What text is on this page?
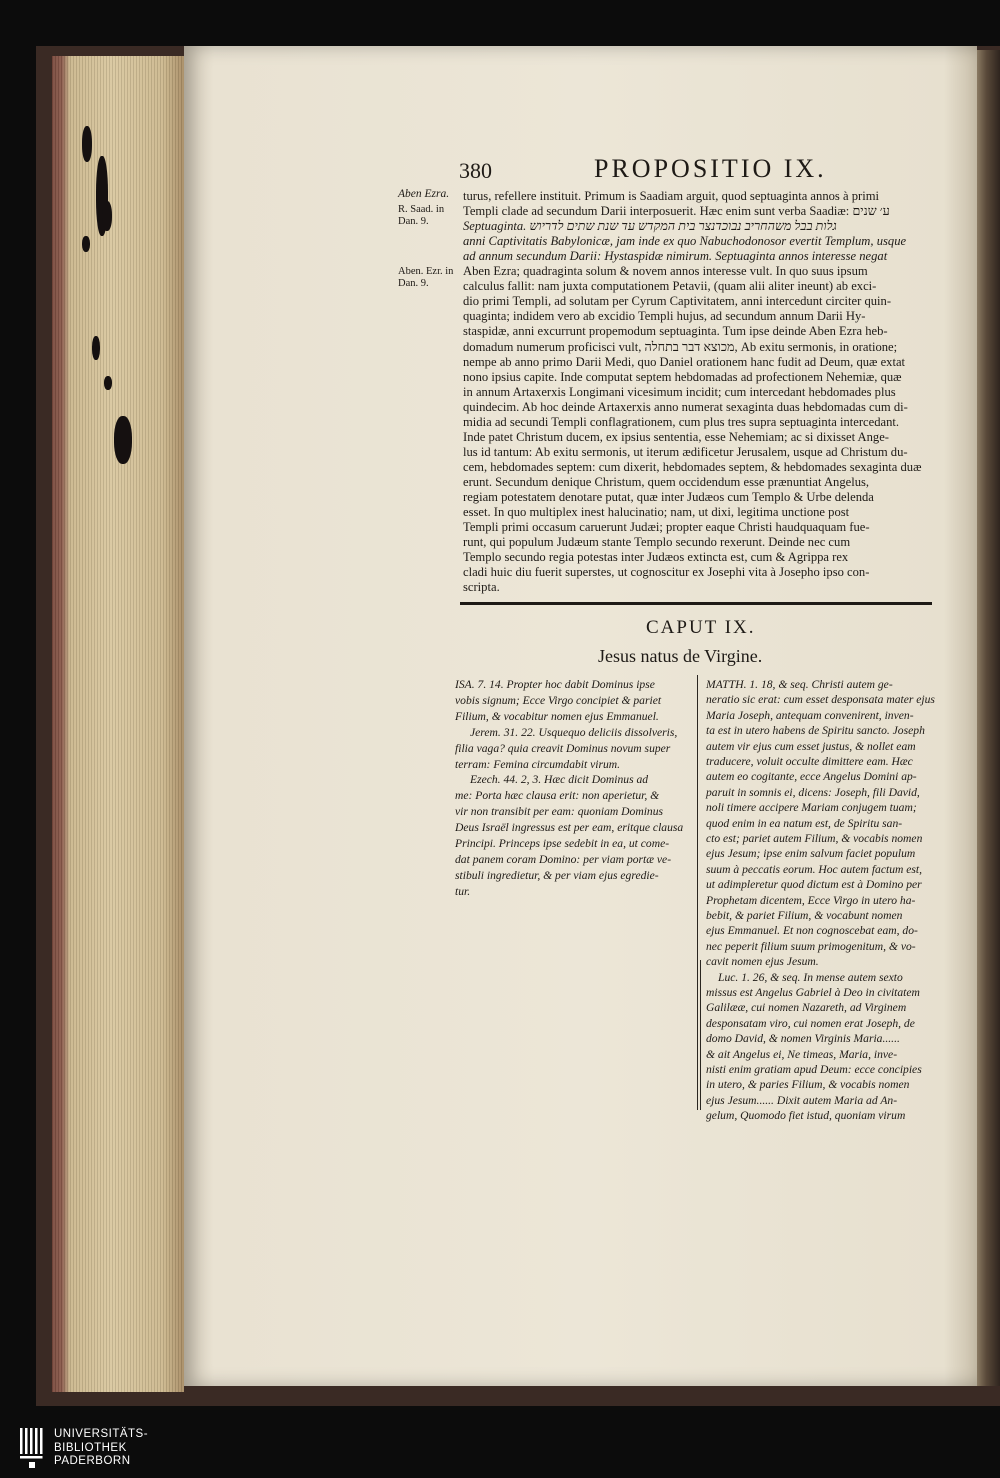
380	PROPOSITIO IX.
Aben Ezra.
R. Saad. in Dan. 9.
Aben. Ezr. in Dan. 9.
turus, refellere instituit. Primum is Saadiam arguit, quod septuaginta annos à primi
Templi clade ad secundum Darii interposuerit. Hæc enim sunt verba Saadiæ: ע׳ שנים
Septuaginta. גלות בבל משהחריב נבוכדנצר בית המקדש עד שנת שתים לדריוש
anni Captivitatis Babylonicæ, jam inde ex quo Nabuchodonosor evertit Templum, usque
ad annum secundum Darii: Hystaspidæ nimirum. Septuaginta annos interesse negat
Aben Ezra; quadraginta solum & novem annos interesse vult. In quo suus ipsum
calculus fallit: nam juxta computationem Petavii, (quam alii aliter ineunt) ab exci-
dio primi Templi, ad solutam per Cyrum Captivitatem, anni intercedunt circiter quin-
quaginta; indidem vero ab excidio Templi hujus, ad secundum annum Darii Hy-
staspidæ, anni excurrunt propemodum septuaginta. Tum ipse deinde Aben Ezra heb-
domadum numerum proficisci vult, מכוצא דבר בתחלה, Ab exitu sermonis, in oratione;
nempe ab anno primo Darii Medi, quo Daniel orationem hanc fudit ad Deum, quæ extat
nono ipsius capite. Inde computat septem hebdomadas ad profectionem Nehemiæ, quæ
in annum Artaxerxis Longimani vicesimum incidit; cum intercedant hebdomades plus
quindecim. Ab hoc deinde Artaxerxis anno numerat sexaginta duas hebdomadas cum di-
midia ad secundi Templi conflagrationem, cum plus tres supra septuaginta intercedant.
Inde patet Christum ducem, ex ipsius sententia, esse Nehemiam; ac si dixisset Ange-
lus id tantum: Ab exitu sermonis, ut iterum ædificetur Jerusalem, usque ad Christum du-
cem, hebdomades septem: cum dixerit, hebdomades septem, & hebdomades sexaginta duæ
erunt. Secundum denique Christum, quem occidendum esse prænuntiat Angelus,
regiam potestatem denotare putat, quæ inter Judæos cum Templo & Urbe delenda
esset. In quo multiplex inest halucinatio; nam, ut dixi, legitima unctione post
Templi primi occasum caruerunt Judæi; propter eaque Christi haudquaquam fue-
runt, qui populum Judæum stante Templo secundo rexerunt. Deinde nec cum
Templo secundo regia potestas inter Judæos extincta est, cum & Agrippa rex
cladi huic diu fuerit superstes, ut cognoscitur ex Josephi vita à Josepho ipso con-
scripta.
CAPUT IX.
Jesus natus de Virgine.
ISA. 7. 14. Propter hoc dabit Dominus ipse
vobis signum; Ecce Virgo concipiet & pariet
Filium, & vocabitur nomen ejus Emmanuel.
Jerem. 31. 22. Usquequo deliciis dissolveris,
filia vaga? quia creavit Dominus novum super
terram: Femina circumdabit virum.
Ezech. 44. 2, 3. Hæc dicit Dominus ad
me: Porta hæc clausa erit: non aperietur, &
vir non transibit per eam: quoniam Dominus
Deus Israël ingressus est per eam, eritque clausa
Principi. Princeps ipse sedebit in ea, ut come-
dat panem coram Domino: per viam portæ ve-
stibuli ingredietur, & per viam ejus egredie-
tur.
MATTH. 1. 18, & seq. Christi autem ge-
neratio sic erat: cum esset desponsata mater ejus
Maria Joseph, antequam convenirent, inven-
ta est in utero habens de Spiritu sancto. Joseph
autem vir ejus cum esset justus, & nollet eam
traducere, voluit occulte dimittere eam. Hæc
autem eo cogitante, ecce Angelus Domini ap-
paruit in somnis ei, dicens: Joseph, fili David,
noli timere accipere Mariam conjugem tuam;
quod enim in ea natum est, de Spiritu san-
cto est; pariet autem Filium, & vocabis nomen
ejus Jesum; ipse enim salvum faciet populum
suum à peccatis eorum. Hoc autem factum est,
ut adimpleretur quod dictum est à Domino per
Prophetam dicentem, Ecce Virgo in utero ha-
bebit, & pariet Filium, & vocabunt nomen
ejus Emmanuel. Et non cognoscebat eam, do-
nec peperit filium suum primogenitum, & vo-
cavit nomen ejus Jesum.
Luc. 1. 26, & seq. In mense autem sexto
missus est Angelus Gabriel à Deo in civitatem
Galilææ, cui nomen Nazareth, ad Virginem
desponsatam viro, cui nomen erat Joseph, de
domo David, & nomen Virginis Maria......
& ait Angelus ei, Ne timeas, Maria, inve-
nisti enim gratiam apud Deum: ecce concipies
in utero, & paries Filium, & vocabis nomen
ejus Jesum...... Dixit autem Maria ad An-
gelum, Quomodo fiet istud, quoniam virum
UNIVERSITÄTS-
BIBLIOTHEK
PADERBORN
